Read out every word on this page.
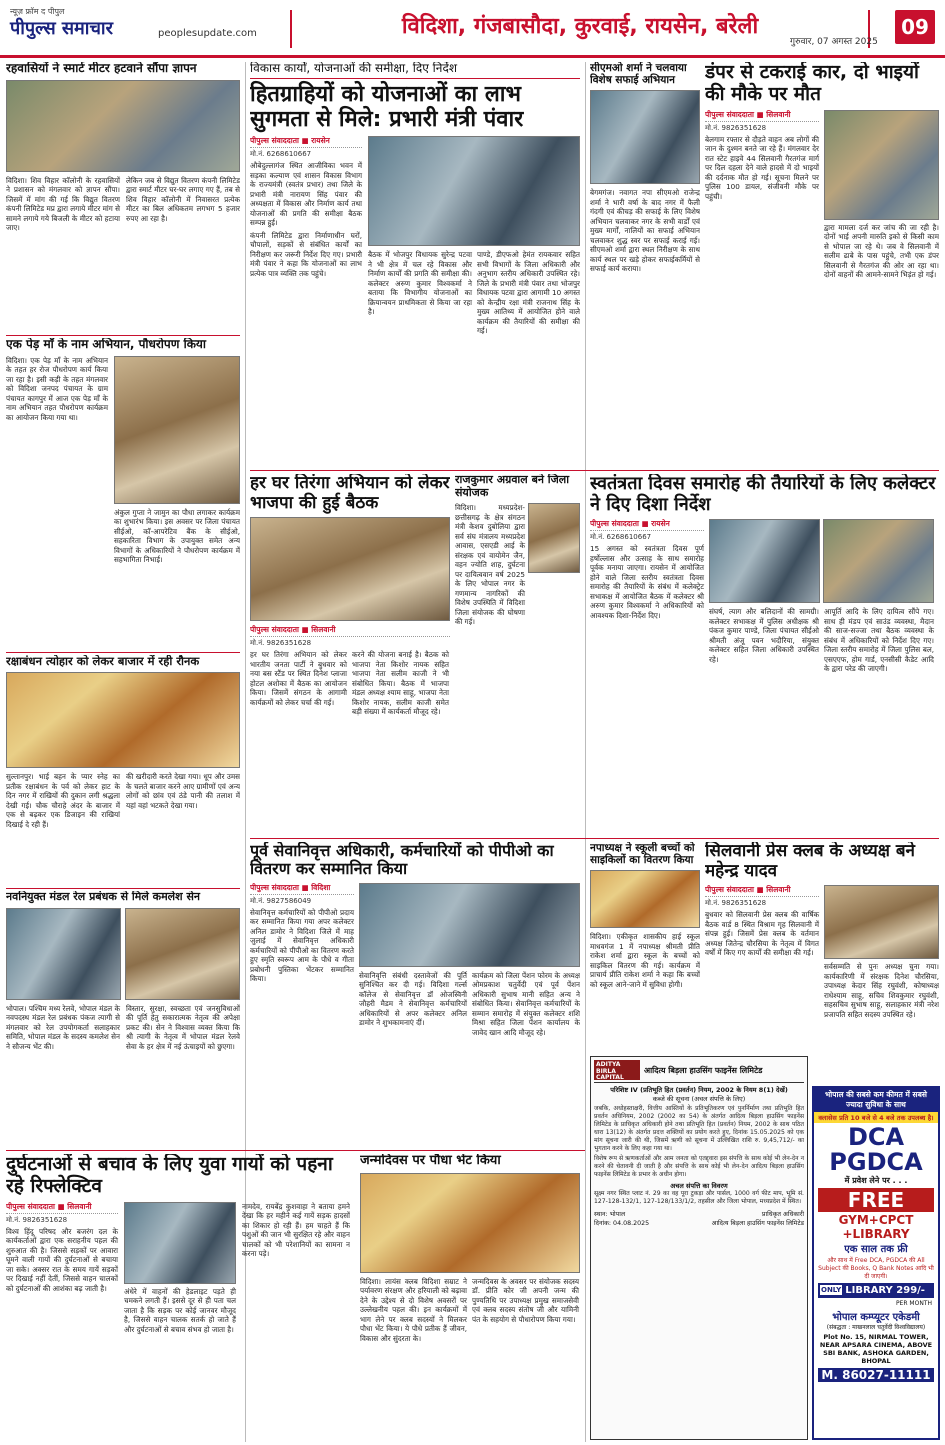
न्यूज़ फ्रॉम द पीपुल
पीपुल्स समाचार	peoplesupdate.com	विदिशा, गंजबासौदा, कुरवाई, रायसेन, बरेली
गुरुवार, 07 अगस्त 2025
09
रहवासियों ने स्मार्ट मीटर हटवाने सौंपा ज्ञापन
विदिशा। शिव विहार कॉलोनी के रहवासियों ने प्रशासन को मंगलवार को ज्ञापन सौंपा। जिसमें में मांग की गई कि विद्युत वितरण कंपनी लिमिटेड मप्र द्वारा लगाये मीटर मांग से सामने लगाये गये बिजली के मीटर को हटाया जाए।
लेकिन जब से विद्युत वितरण कंपनी लिमिटेड द्वारा स्मार्ट मीटर घर-घर लगाए गए हैं, तब से शिव विहार कॉलोनी में निवासरत प्रत्येक मीटर का बिल अधिकतम लगभग 5 हजार रुपए आ रहा है।
एक पेड़ माँ के नाम अभियान, पौधरोपण किया
विदिशा। एक पेड़ माँ के नाम अभियान के तहत हर रोज पौधरोपण कार्य किया जा रहा है। इसी कड़ी के तहत मंगलवार को विदिशा जनपद पंचायत के ग्राम पंचायत कागपुर में आज एक पेड़ माँ के नाम अभियान तहत पौधरोपण कार्यक्रम का आयोजन किया गया था।
अंकुल गुप्ता ने जामुन का पौधा लगाकर कार्यक्रम का शुभारंभ किया। इस अवसर पर जिला पंचायत सीईओ, कॉ-आपरेटिव बैंक के सीईओ, सहकारिता विभाग के उपायुक्त समेत अन्य विभागों के अधिकारियों ने पौधरोपण कार्यक्रम में सहभागिता निभाई।
रक्षाबंधन त्योहार को लेकर बाजार में रही रौनक
सुल्तानपुर। भाई बहन के प्यार स्नेह का प्रतीक रक्षाबंधन के पर्व को लेकर हाट के दिन नगर में राखियों की दुकान लगी श्रद्धला देखी गई। चौक चौराहे अंदर के बाजार में एक से बढ़कर एक डिजाइन की राखियां दिखाई दे रही हैं।
की खरीदारी करते देखा गया। धूप और उमस के चलते बाजार करने आए ग्रामीणों एवं अन्य लोगों को छांव एवं ठंडे पानी की तलाश में यहां वहां भटकते देखा गया।
नवनियुक्त मंडल रेल प्रबंधक से मिले कमलेश सेन
भोपाल। पश्चिम मध्य रेलवे, भोपाल मंडल के नवपदस्थ मंडल रेल प्रबंधक पंकज त्यागी से मंगलवार को रेल उपयोगकर्ता सलाहकार समिति, भोपाल मंडल के सदस्य कमलेश सेन ने सौजन्य भेंट की।
विस्तार, सुरक्षा, स्वच्छता एवं जनसुविधाओं की पूर्ति हेतु सकारात्मक नेतृत्व की अपेक्षा प्रकट की। सेन ने विश्वास व्यक्त किया कि श्री त्यागी के नेतृत्व में भोपाल मंडल रेलवे सेवा के हर क्षेत्र में नई ऊंचाइयों को छुएगा।
दुर्घटनाओं से बचाव के लिए युवा गायों को पहना रहे रिफ्लेक्टिव
पीपुल्स संवाददाता ■ सिलवानी
मो.नं. 9826351628
विश्व हिंदू परिषद और बजरंग दल के कार्यकर्ताओं द्वारा एक सराहनीय पहल की शुरुआत की है। जिससे सड़कों पर आवारा घूमने वाली गायों की दुर्घटनाओं से बचाया जा सके। अक्सर रात के समय गायें सड़कों पर दिखाई नहीं देतीं, जिससे वाहन चालकों को दुर्घटनाओं की आशंका बढ़ जाती है।	अंधेरे में वाहनों की हेडलाइट पड़ते ही चमकने लगती हैं। इससे दूर से ही पता चल जाता है कि सड़क पर कोई जानवर मौजूद है, जिससे वाहन चालक सतर्क हो जाते हैं और दुर्घटनाओं से बचाव संभव हो जाता है।
नामदेव, रायबेंद्र कुशवाहा ने बताया हमने देखा कि हर महीने कई गायें सड़क हादसों का शिकार हो रही हैं। हम चाहते हैं कि पशुओं की जान भी सुरक्षित रहे और वाहन चालकों को भी परेशानियों का सामना न करना पड़े।
विकास कार्यों, योजनाओं की समीक्षा, दिए निर्देश
हितग्राहियों को योजनाओं का लाभ सुगमता से मिले: प्रभारी मंत्री पंवार
पीपुल्स संवाददाता ■ रायसेन
मो.नं. 6268610667
औबेदुल्लागंज स्थित आजीविका भवन में सड़का कल्याण एवं शासन विकास विभाग के राज्यमंत्री (स्वतंत्र प्रभार) तथा जिले के प्रभारी मंत्री नारायण सिंह पंवार की अध्यक्षता में विकास और निर्माण कार्य तथा योजनाओं की प्रगति की समीक्षा बैठक सम्पन्न हुई।
कंपनी लिमिटेड द्वारा निर्माणाधीन घरों, चौपालों, सड़कों से संबंधित कार्यों का निरीक्षण कर जरूरी निर्देश दिए गए। प्रभारी मंत्री पंवार ने कहा कि योजनाओं का लाभ प्रत्येक पात्र व्यक्ति तक पहुंचे।
बैठक में भोजपुर विधायक सुरेन्द्र पटवा ने भी क्षेत्र में चल रहे विकास और निर्माण कार्यों की प्रगति की समीक्षा की। कलेक्टर अरुण कुमार विश्वकर्मा ने बताया कि विभागीय योजनाओं का क्रियान्वयन प्राथमिकता से किया जा रहा है।
पाण्डे, डीएफओ हेमंत रायकवार सहित सभी विभागों के जिला अधिकारी और अनुभाग स्तरीय अधिकारी उपस्थित रहे। जिले के प्रभारी मंत्री पंवार तथा भोजपुर विधायक पटवा द्वारा आगामी 10 अगस्त को केन्द्रीय रक्षा मंत्री राजनाथ सिंह के मुख्य आतिथ्य में आयोजित होने वाले कार्यक्रम की तैयारियों की समीक्षा की गई।
सीएमओ शर्मा ने चलवाया विशेष सफाई अभियान
बेगमगंज। नवागत नपा सीएमओ राजेन्द्र शर्मा ने भारी वर्षा के बाद नगर में फैली गंदगी एवं कीचड़ की सफाई के लिए विशेष अभियान चलवाकर नगर के सभी वार्डों एवं मुख्य मार्गों, नालियों का सफाई अभियान चलवाकर शुद्ध स्वर पर सफाई कराई गई। सीएमओ शर्मा द्वारा स्थल निरीक्षण के साथ कार्य स्थल पर खड़े होकर सफाईकर्मियों से सफाई कार्य कराया।
डंपर से टकराई कार, दो भाइयों की मौके पर मौत
पीपुल्स संवाददाता ■ सिलवानी
मो.नं. 9826351628
बेलगाम रफ्तार से दौड़ते वाहन अब लोगों की जान के दुश्मन बनते जा रहे हैं। मंगलवार देर रात स्टेट हाइवे 44 सिलवानी गैरतगंज मार्ग पर दिल दहला देने वाले हादसे में दो भाइयों की दर्दनाक मौत हो गई। सूचना मिलने पर पुलिस 100 डायल, संजीवनी मौके पर पहुंची।
द्वारा मामला दर्ज कर जांच की जा रही है। दोनों भाई अपनी मारुति इको से किसी काम से भोपाल जा रहे थे। जब वे सिलवानी में सलीम ढाबे के पास पहुंचे, तभी एक डंपर सिलवानी से गैरतगंज की ओर आ रहा था। दोनों वाहनों की आमने-सामने भिड़ंत हो गई।
हर घर तिरंगा अभियान को लेकर भाजपा की हुई बैठक
पीपुल्स संवाददाता ■ सिलवानी
मो.नं. 9826351628
हर घर तिरंगा अभियान को लेकर भारतीय जनता पार्टी ने बुधवार को नया बस स्टैंड पर स्थित दिनेश प्लाजा होटल अशोका में बैठक का आयोजन किया। जिसमें संगठन के आगामी कार्यक्रमों को लेकर चर्चा की गई।
करने की योजना बनाई है। बैठक को भाजपा नेता किशोर नायक सहित भाजपा नेता सलीम काजी ने भी संबोधित किया। बैठक में भाजपा मंडल अध्यक्ष श्याम साहू, भाजपा नेता किशोर नायक, सलीम काजी समेत बड़ी संख्या में कार्यकर्ता मौजूद रहे।
राजकुमार अग्रवाल बने जिला संयोजक
विदिशा। मध्यप्रदेश-छत्तीसगढ़ के क्षेत्र संगठन मंत्री केशव दुबोलिया द्वारा सर्व संघ मंत्रालय मध्यप्रदेश आवास, एसएडी आई के संरक्षक एवं वायोमेन जैन, वहन ज्योति शाह, दुर्घटना पर दायित्ववान वर्ष 2025 के लिए भोपाल नगर के गणमान्य नागरिकों की विशेष उपस्थिति में विदिशा जिला संयोजक की घोषणा की गई।
स्वतंत्रता दिवस समारोह की तैयारियों के लिए कलेक्टर ने दिए दिशा निर्देश
पीपुल्स संवाददाता ■ रायसेन
मो.नं. 6268610667
15 अगस्त को स्वतंत्रता दिवस पूर्ण हर्षोल्लास और उत्साह के साथ समारोह पूर्वक मनाया जाएगा। रायसेन में आयोजित होने वाले जिला स्तरीय स्वतंत्रता दिवस समारोह की तैयारियों के संबंध में कलेक्ट्रेट सभाकक्ष में आयोजित बैठक में कलेक्टर श्री अरुण कुमार विश्वकर्मा ने अधिकारियों को आवश्यक दिशा-निर्देश दिए।	संघर्ष, त्याग और बलिदानों की सामग्री। कलेक्टर सभाकक्ष में पुलिस अधीक्षक श्री पंकज कुमार पाण्डे, जिला पंचायत सीईओ श्रीमती अंजू पवन भदौरिया, संयुक्त कलेक्टर सहित जिला अधिकारी उपस्थित रहे।
आपूर्ति आदि के लिए दायित्व सौंपे गए। साथ ही मंडप एवं साउंड व्यवस्था, मैदान की साज-सज्जा तथा बैठक व्यवस्था के संबंध में अधिकारियों को निर्देश दिए गए। जिला स्तरीय समारोह में जिला पुलिस बल, एसएएफ, होम गार्ड, एनसीसी कैडेट आदि के द्वारा परेड की जाएगी।
पूर्व सेवानिवृत्त अधिकारी, कर्मचारियों को पीपीओ का वितरण कर सम्मानित किया
पीपुल्स संवाददाता ■ विदिशा
मो.नं. 9827586049
सेवानिवृत्त कर्मचारियों को पीपीओ प्रदाय कर सम्मानित किया गया अपर कलेक्टर अनिल डामोर ने विदिशा जिले में माह जुलाई में सेवानिवृत्त अधिकारी कर्मचारियों को पीपीओ का वितरण करते हुए स्मृति स्वरूप आम के पौधे व गीता प्रबोधनी पुस्तिका भेंटकर सम्मानित किया।	सेवानिवृत्ति संबंधी दस्तावेजों की पूर्ति सुनिश्चित कर दी गई। विदिशा गर्ल्स कॉलेज से सेवानिवृत्त डॉ ओजस्विनी जौहरी मैडम ने सेवानिवृत्त कर्मचारियों अधिकारियों से अपर कलेक्टर अनिल डामोर ने शुभकामनाएं दीं।
कार्यक्रम को जिला पेंशन फोरम के अध्यक्ष ओमप्रकाश चतुर्वेदी एवं पूर्व पेंशन अधिकारी सुभाष मानी सहित अन्य ने संबोधित किया। सेवानिवृत्त कर्मचारियों के सम्मान समारोह में संयुक्त कलेक्टर शशि मिश्रा सहित जिला पेंशन कार्यालय के जावेद खान आदि मौजूद रहे।
नपाध्यक्ष ने स्कूली बच्चों को साइकिलों का वितरण किया
विदिशा। एकीकृत शासकीय हाई स्कूल माधवगंज 1 में नपाध्यक्ष श्रीमती प्रीति राकेश शर्मा द्वारा स्कूल के बच्चों को साइकिल वितरण की गई। कार्यक्रम में प्राचार्य प्रीति राकेश शर्मा ने कहा कि बच्चों को स्कूल आने-जाने में सुविधा होगी।
सिलवानी प्रेस क्लब के अध्यक्ष बने महेन्द्र यादव
पीपुल्स संवाददाता ■ सिलवानी
मो.नं. 9826351628
बुधवार को सिलवानी प्रेस क्लब की वार्षिक बैठक वार्ड 8 स्थित विश्राम गृह सिलवानी में संपन्न हुई। जिसमें प्रेस क्लब के वर्तमान अध्यक्ष जितेन्द्र चौरसिया के नेतृत्व में विगत वर्षों में किए गए कार्यों की समीक्षा की गई।
सर्वसम्मति से पुनः अध्यक्ष चुना गया। कार्यकारिणी में संरक्षक दिनेश चौरसिया, उपाध्यक्ष केदार सिंह रघुवंशी, कोषाध्यक्ष राधेश्याम साहू, सचिव शिवकुमार रघुवंशी, सहसचिव सुभाष साहू, सलाहकार मंत्री नरेश प्रजापति सहित सदस्य उपस्थित रहे।
जन्मदिवस पर पौधा भेंट किया
विदिशा। लायंस क्लब विदिशा सम्राट ने पर्यावरण संरक्षण और हरियाली को बढ़ावा देने के उद्देश्य से दो विशेष अवसरों पर उल्लेखनीय पहल की। इन कार्यक्रमों में भाग लेने पर क्लब सदस्यों ने मिलकर पौधा भेंट किया। ये पौधे प्रतीक हैं जीवन, विकास और सुंदरता के।
जन्मदिवस के अवसर पर संयोजक सदस्य डॉ. प्रीति कोर जी अपनी जन्म की पुण्यतिथि पर उपाध्यक्ष प्रमुख समाजसेवी एवं क्लब सदस्य संतोष जी और यामिनी पंत के सहयोग से पौधारोपण किया गया।
ADITYA BIRLA CAPITAL
आदित्य बिड़ला हाउसिंग फाइनेंस लिमिटेड
परिशिष्ट IV (प्रतिभूति हित (प्रवर्तन) नियम, 2002 के नियम 8(1) देखें)
कब्जे की सूचना (अचल संपत्ति के लिए)
जबकि, अधोहस्ताक्षरी, वित्तीय आस्तियों के प्रतिभूतिकरण एवं पुनर्निर्माण तथा प्रतिभूति हित प्रवर्तन अधिनियम, 2002 (2002 का 54) के अंतर्गत आदित्य बिड़ला हाउसिंग फाइनेंस लिमिटेड के प्राधिकृत अधिकारी होने तथा प्रतिभूति हित (प्रवर्तन) नियम, 2002 के साथ पठित धारा 13(12) के अंतर्गत प्रदत्त शक्तियों का प्रयोग करते हुए, दिनांक 15.05.2025 को एक मांग सूचना जारी की थी, जिसमें ऋणी को सूचना में उल्लिखित राशि रु. 9,45,712/- का भुगतान करने के लिए कहा गया था।
विशेष रूप से ऋणकर्ताओं और आम जनता को एतद्द्वारा इस संपत्ति के साथ कोई भी लेन-देन न करने की चेतावनी दी जाती है और संपत्ति के साथ कोई भी लेन-देन आदित्य बिड़ला हाउसिंग फाइनेंस लिमिटेड के प्रभार के अधीन होगा।
अचल संपत्ति का विवरण
सूक्ष्म नगर स्थित प्लाट नं. 29 का वह पूरा टुकड़ा और पार्सल, 1000 वर्ग फीट माप, भूमि सं. 127-128-132/1, 127-128/133/1/2, तहसील और जिला भोपाल, मध्यप्रदेश में स्थित।
स्थान: भोपाल
दिनांक: 04.08.2025
प्राधिकृत अधिकारी
आदित्य बिड़ला हाउसिंग फाइनेंस लिमिटेड
भोपाल की सबसे कम कीमत में सबसे ज्यादा सुविधा के साथ
क्लासेस प्रति 10 बजे से 4 बजे तक उपलब्ध है।
DCA PGDCA
में प्रवेश लेने पर . . .
FREE
GYM+CPCT +LIBRARY
एक साल तक फ्री
और साथ में Free DCA, PGDCA की All Subject की Books, Q Bank Notes आदि भी दी जाएगी।
ONLY LIBRARY 299/-
PER MONTH
भोपाल कम्प्यूटर एकेडमी
(संबद्धता : माखनलाल चतुर्वेदी विश्वविद्यालय)
Plot No. 15, NIRMAL TOWER, NEAR APSARA CINEMA, ABOVE SBI BANK, ASHOKA GARDEN, BHOPAL
M. 86027-11111
